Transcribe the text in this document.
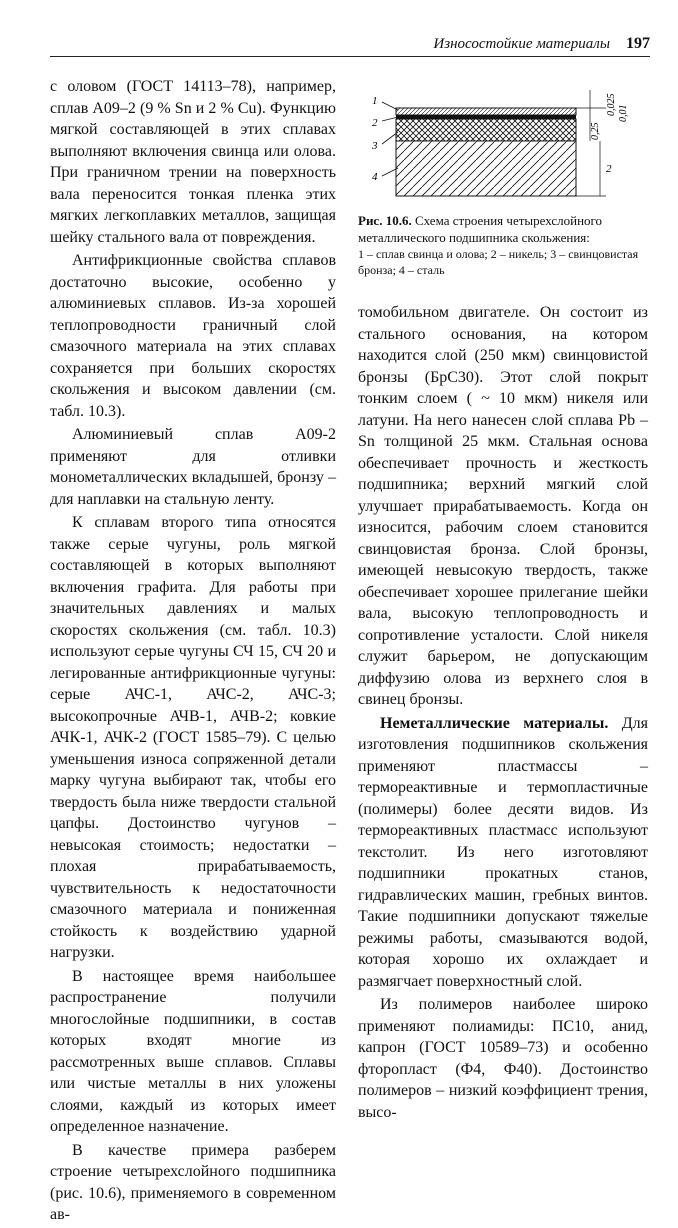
Износостойкие материалы 197

с оловом (ГОСТ 14113–78), например, сплав А09–2 (9 % Sn и 2 % Cu). Функцию мягкой составляющей в этих сплавах выполняют включения свинца или олова. При граничном трении на поверхность вала переносится тонкая пленка этих мягких легкоплавких металлов, защищая шейку стального вала от повреждения.

Антифрикционные свойства сплавов достаточно высокие, особенно у алюминиевых сплавов. Из-за хорошей теплопроводности граничный слой смазочного материала на этих сплавах сохраняется при больших скоростях скольжения и высоком давлении (см. табл. 10.3).

Алюминиевый сплав А09-2 применяют для отливки монометаллических вкладышей, бронзу – для наплавки на стальную ленту.

К сплавам второго типа относятся также серые чугуны, роль мягкой составляющей в которых выполняют включения графита. Для работы при значительных давлениях и малых скоростях скольжения (см. табл. 10.3) используют серые чугуны СЧ 15, СЧ 20 и легированные антифрикционные чугуны: серые АЧС-1, АЧС-2, АЧС-3; высокопрочные АЧВ-1, АЧВ-2; ковкие АЧК-1, АЧК-2 (ГОСТ 1585–79). С целью уменьшения износа сопряженной детали марку чугуна выбирают так, чтобы его твердость была ниже твердости стальной цапфы. Достоинство чугунов – невысокая стоимость; недостатки – плохая прирабатываемость, чувствительность к недостаточности смазочного материала и пониженная стойкость к воздействию ударной нагрузки.

В настоящее время наибольшее распространение получили многослойные подшипники, в состав которых входят многие из рассмотренных выше сплавов. Сплавы или чистые металлы в них уложены слоями, каждый из которых имеет определенное назначение.

В качестве примера разберем строение четырехслойного подшипника (рис. 10.6), применяемого в современном ав-

1
2
3
4
0,025 0,01
0,25
2
Рис. 10.6. Схема строения четырехслойного металлического подшипника скольжения:
1 – сплав свинца и олова; 2 – никель; 3 – свинцовистая бронза; 4 – сталь

томобильном двигателе. Он состоит из стального основания, на котором находится слой (250 мкм) свинцовистой бронзы (БрС30). Этот слой покрыт тонким слоем ( ~ 10 мкм) никеля или латуни. На него нанесен слой сплава Pb – Sn толщиной 25 мкм. Стальная основа обеспечивает прочность и жесткость подшипника; верхний мягкий слой улучшает прирабатываемость. Когда он износится, рабочим слоем становится свинцовистая бронза. Слой бронзы, имеющей невысокую твердость, также обеспечивает хорошее прилегание шейки вала, высокую теплопроводность и сопротивление усталости. Слой никеля служит барьером, не допускающим диффузию олова из верхнего слоя в свинец бронзы.

Неметаллические материалы. Для изготовления подшипников скольжения применяют пластмассы – термореактивные и термопластичные (полимеры) более десяти видов. Из термореактивных пластмасс используют текстолит. Из него изготовляют подшипники прокатных станов, гидравлических машин, гребных винтов. Такие подшипники допускают тяжелые режимы работы, смазываются водой, которая хорошо их охлаждает и размягчает поверхностный слой.

Из полимеров наиболее широко применяют полиамиды: ПС10, анид, капрон (ГОСТ 10589–73) и особенно фторопласт (Ф4, Ф40). Достоинство полимеров – низкий коэффициент трения, высо-
